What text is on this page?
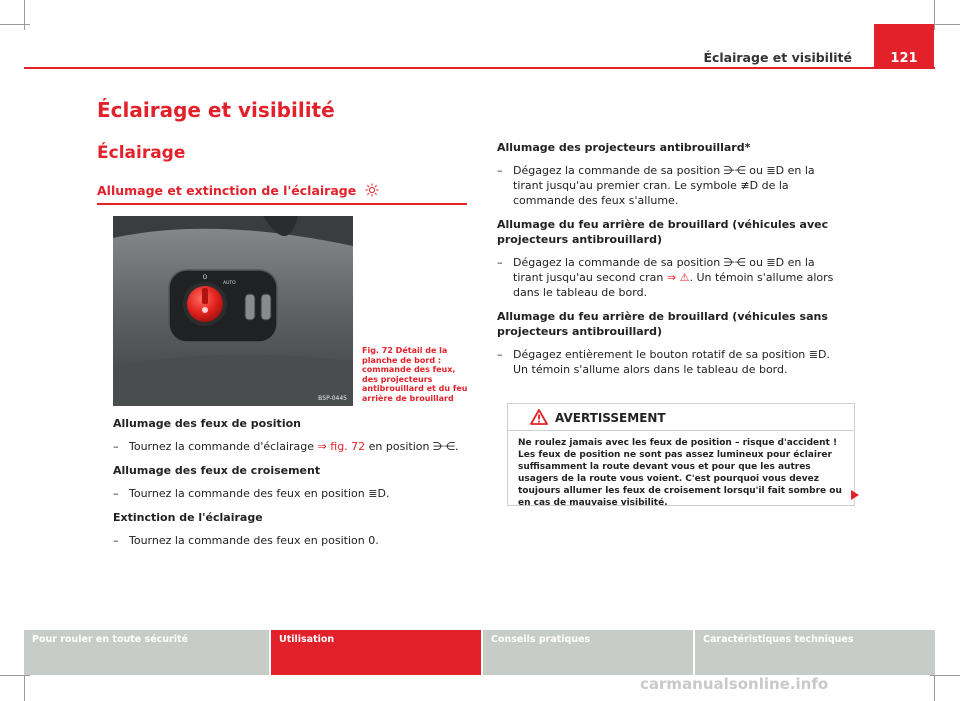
Éclairage et visibilité	121
Éclairage et visibilité
Éclairage
Allumage et extinction de l'éclairage
O
AUTO
B5P-0445
Fig. 72 Détail de la planche de bord : commande des feux, des projecteurs antibrouillard et du feu arrière de brouillard
Allumage des feux de position
– Tournez la commande d'éclairage ⇒ fig. 72 en position ⋺⋲.
Allumage des feux de croisement
– Tournez la commande des feux en position ≣D.
Extinction de l'éclairage
– Tournez la commande des feux en position 0.
Allumage des projecteurs antibrouillard*
– Dégagez la commande de sa position ⋺⋲ ou ≣D en la tirant jusqu'au premier cran. Le symbole ≢D de la commande des feux s'allume.
Allumage du feu arrière de brouillard (véhicules avec projecteurs antibrouillard)
– Dégagez la commande de sa position ⋺⋲ ou ≣D en la tirant jusqu'au second cran ⇒ ⚠. Un témoin s'allume alors dans le tableau de bord.
Allumage du feu arrière de brouillard (véhicules sans projecteurs antibrouillard)
– Dégagez entièrement le bouton rotatif de sa position ≣D. Un témoin s'allume alors dans le tableau de bord.
AVERTISSEMENT
Ne roulez jamais avec les feux de position – risque d'accident ! Les feux de position ne sont pas assez lumineux pour éclairer suffisamment la route devant vous et pour que les autres usagers de la route vous voient. C'est pourquoi vous devez toujours allumer les feux de croisement lorsqu'il fait sombre ou en cas de mauvaise visibilité.
Pour rouler en toute sécurité	Utilisation	Conseils pratiques	Caractéristiques techniques
carmanualsonline.info
